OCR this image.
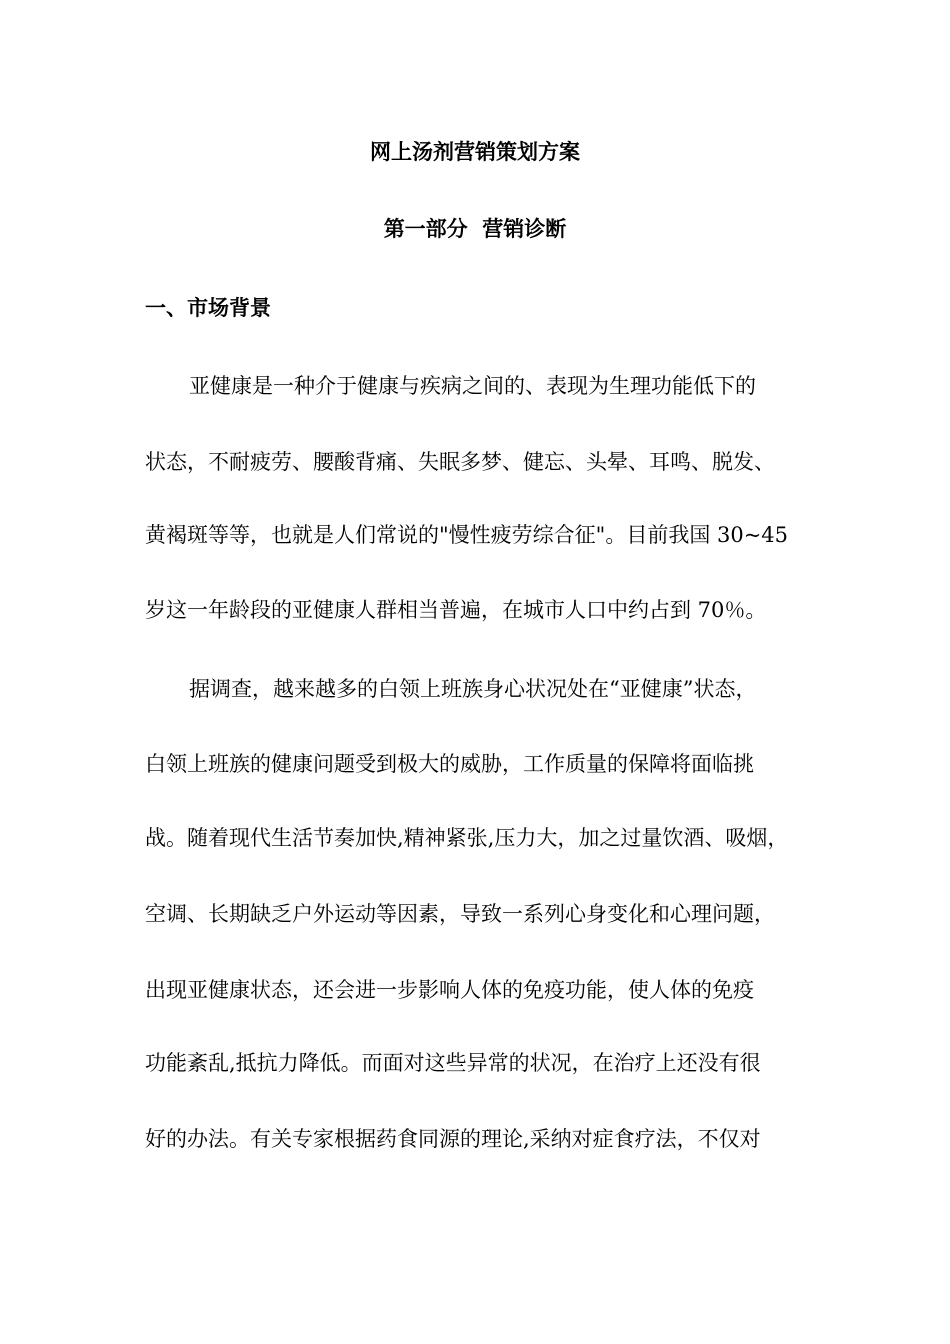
网上汤剂营销策划方案
第一部分  营销诊断
一、市场背景
亚健康是一种介于健康与疾病之间的、表现为生理功能低下的
状态，不耐疲劳、腰酸背痛、失眠多梦、健忘、头晕、耳鸣、脱发、
黄褐斑等等，也就是人们常说的"慢性疲劳综合征"。目前我国 30~45
岁这一年龄段的亚健康人群相当普遍，在城市人口中约占到 70％。
据调查，越来越多的白领上班族身心状况处在“亚健康”状态，
白领上班族的健康问题受到极大的威胁，工作质量的保障将面临挑
战。随着现代生活节奏加快,精神紧张,压力大，加之过量饮酒、吸烟，
空调、长期缺乏户外运动等因素，导致一系列心身变化和心理问题，
出现亚健康状态，还会进一步影响人体的免疫功能，使人体的免疫
功能紊乱,抵抗力降低。而面对这些异常的状况，在治疗上还没有很
好的办法。有关专家根据药食同源的理论,采纳对症食疗法，不仅对
